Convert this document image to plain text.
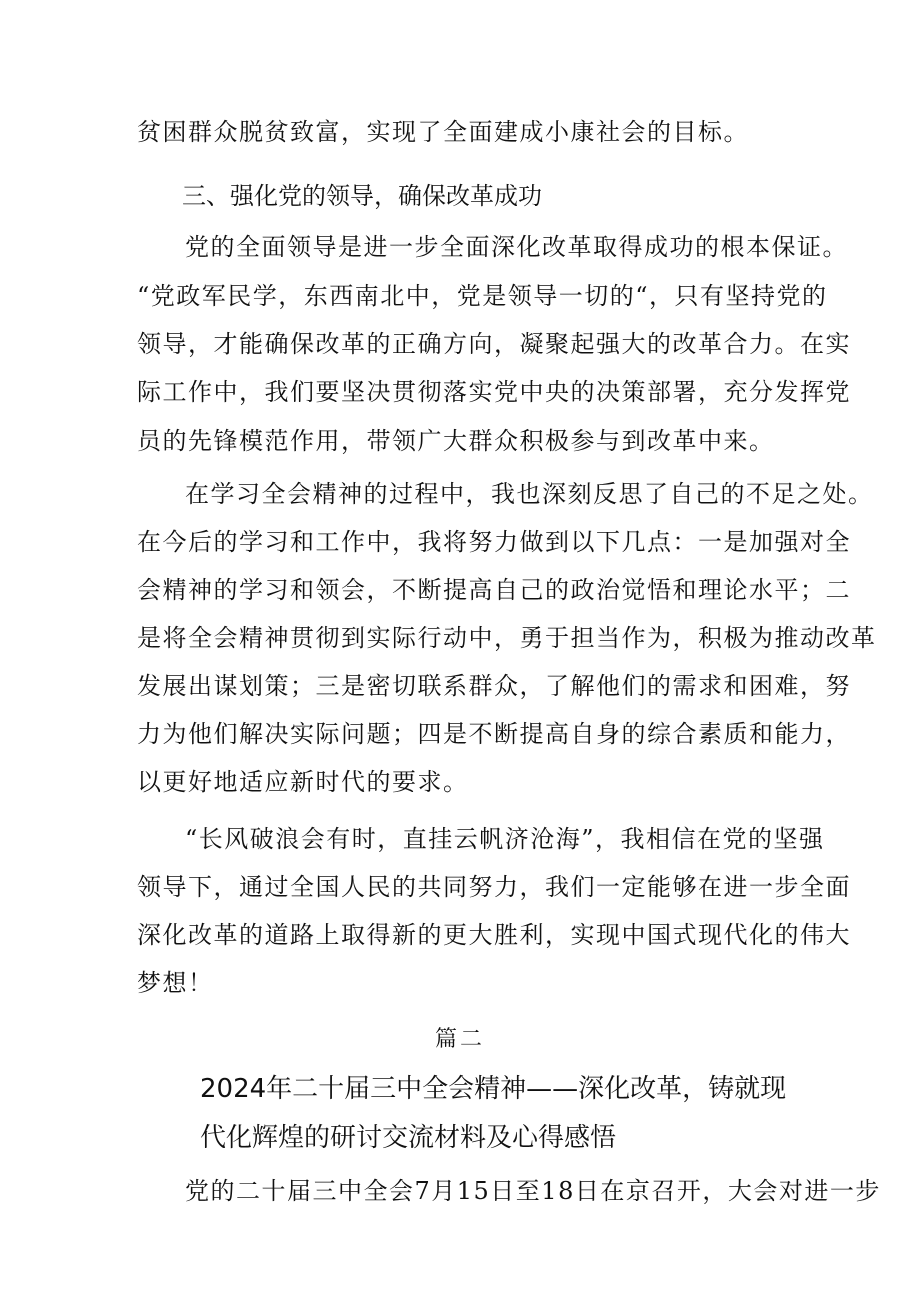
贫困群众脱贫致富，实现了全面建成小康社会的目标。
三、强化党的领导，确保改革成功
党的全面领导是进一步全面深化改革取得成功的根本保证。
“党政军民学，东西南北中，党是领导一切的“，只有坚持党的
领导，才能确保改革的正确方向，凝聚起强大的改革合力。在实
际工作中，我们要坚决贯彻落实党中央的决策部署，充分发挥党
员的先锋模范作用，带领广大群众积极参与到改革中来。
在学习全会精神的过程中，我也深刻反思了自己的不足之处。
在今后的学习和工作中，我将努力做到以下几点：一是加强对全
会精神的学习和领会，不断提高自己的政治觉悟和理论水平；二
是将全会精神贯彻到实际行动中，勇于担当作为，积极为推动改革
发展出谋划策；三是密切联系群众，了解他们的需求和困难，努
力为他们解决实际问题；四是不断提高自身的综合素质和能力，
以更好地适应新时代的要求。
“长风破浪会有时，直挂云帆济沧海”，我相信在党的坚强
领导下，通过全国人民的共同努力，我们一定能够在进一步全面
深化改革的道路上取得新的更大胜利，实现中国式现代化的伟大
梦想！
篇二
2024年二十届三中全会精神——深化改革，铸就现
代化辉煌的研讨交流材料及心得感悟
党的二十届三中全会7月15日至18日在京召开，大会对进一步
